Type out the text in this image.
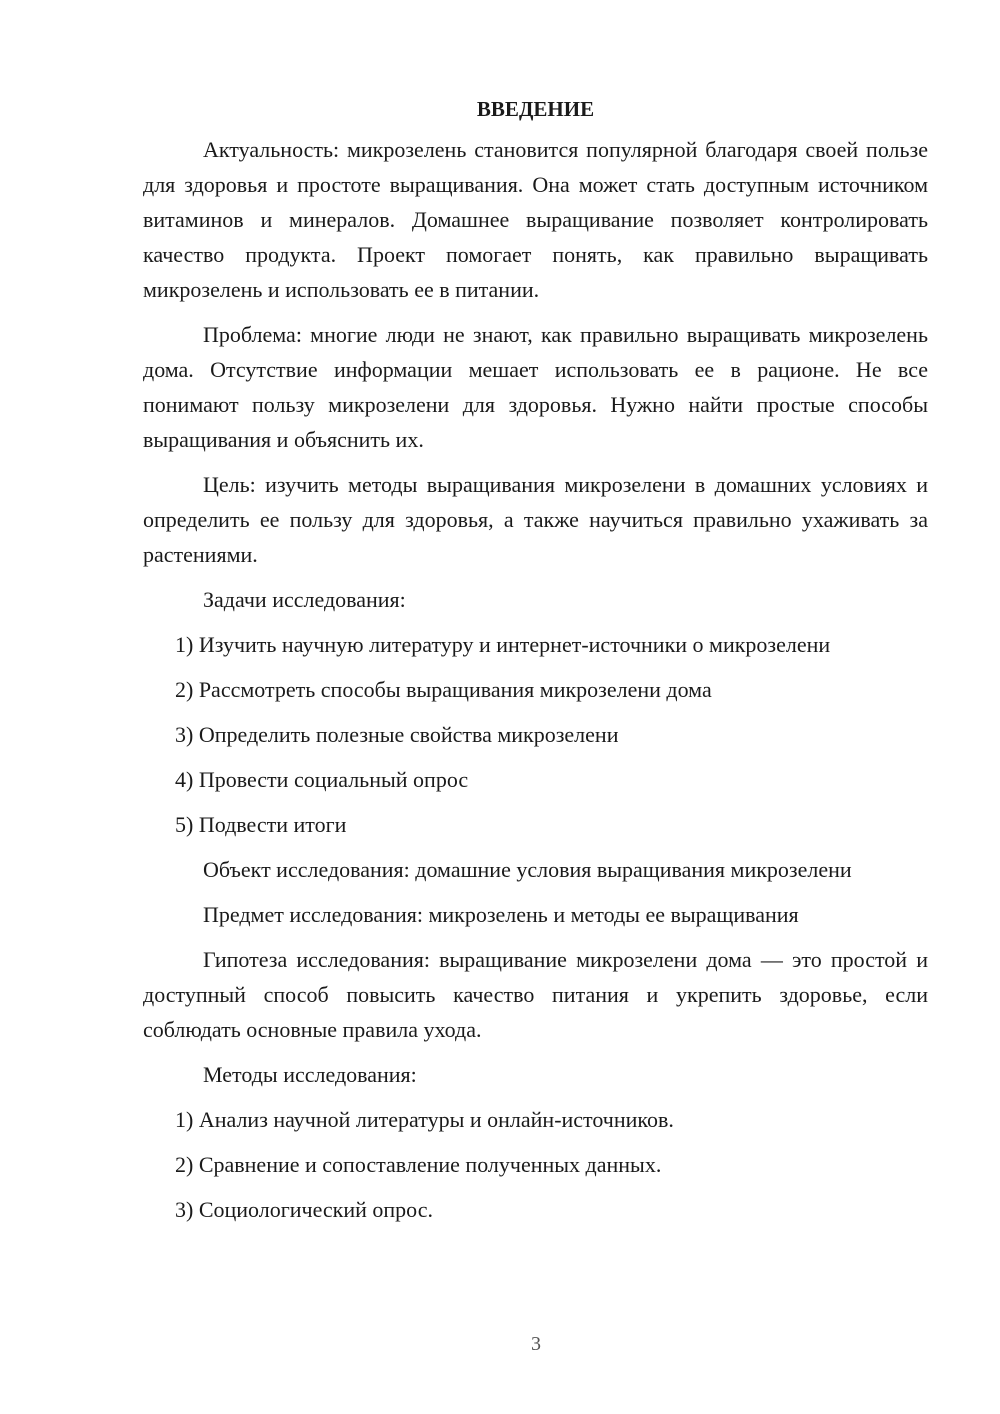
ВВЕДЕНИЕ

Актуальность: микрозелень становится популярной благодаря своей пользе для здоровья и простоте выращивания. Она может стать доступным источником витаминов и минералов. Домашнее выращивание позволяет контролировать качество продукта. Проект помогает понять, как правильно выращивать микрозелень и использовать ее в питании.

Проблема: многие люди не знают, как правильно выращивать микрозелень дома. Отсутствие информации мешает использовать ее в рационе. Не все понимают пользу микрозелени для здоровья. Нужно найти простые способы выращивания и объяснить их.

Цель: изучить методы выращивания микрозелени в домашних условиях и определить ее пользу для здоровья, а также научиться правильно ухаживать за растениями.

Задачи исследования:
1) Изучить научную литературу и интернет-источники о микрозелени
2) Рассмотреть способы выращивания микрозелени дома
3) Определить полезные свойства микрозелени
4) Провести социальный опрос
5) Подвести итоги

Объект исследования: домашние условия выращивания микрозелени

Предмет исследования: микрозелень и методы ее выращивания

Гипотеза исследования: выращивание микрозелени дома — это простой и доступный способ повысить качество питания и укрепить здоровье, если соблюдать основные правила ухода.

Методы исследования:
1) Анализ научной литературы и онлайн-источников.
2) Сравнение и сопоставление полученных данных.
3) Социологический опрос.
3
